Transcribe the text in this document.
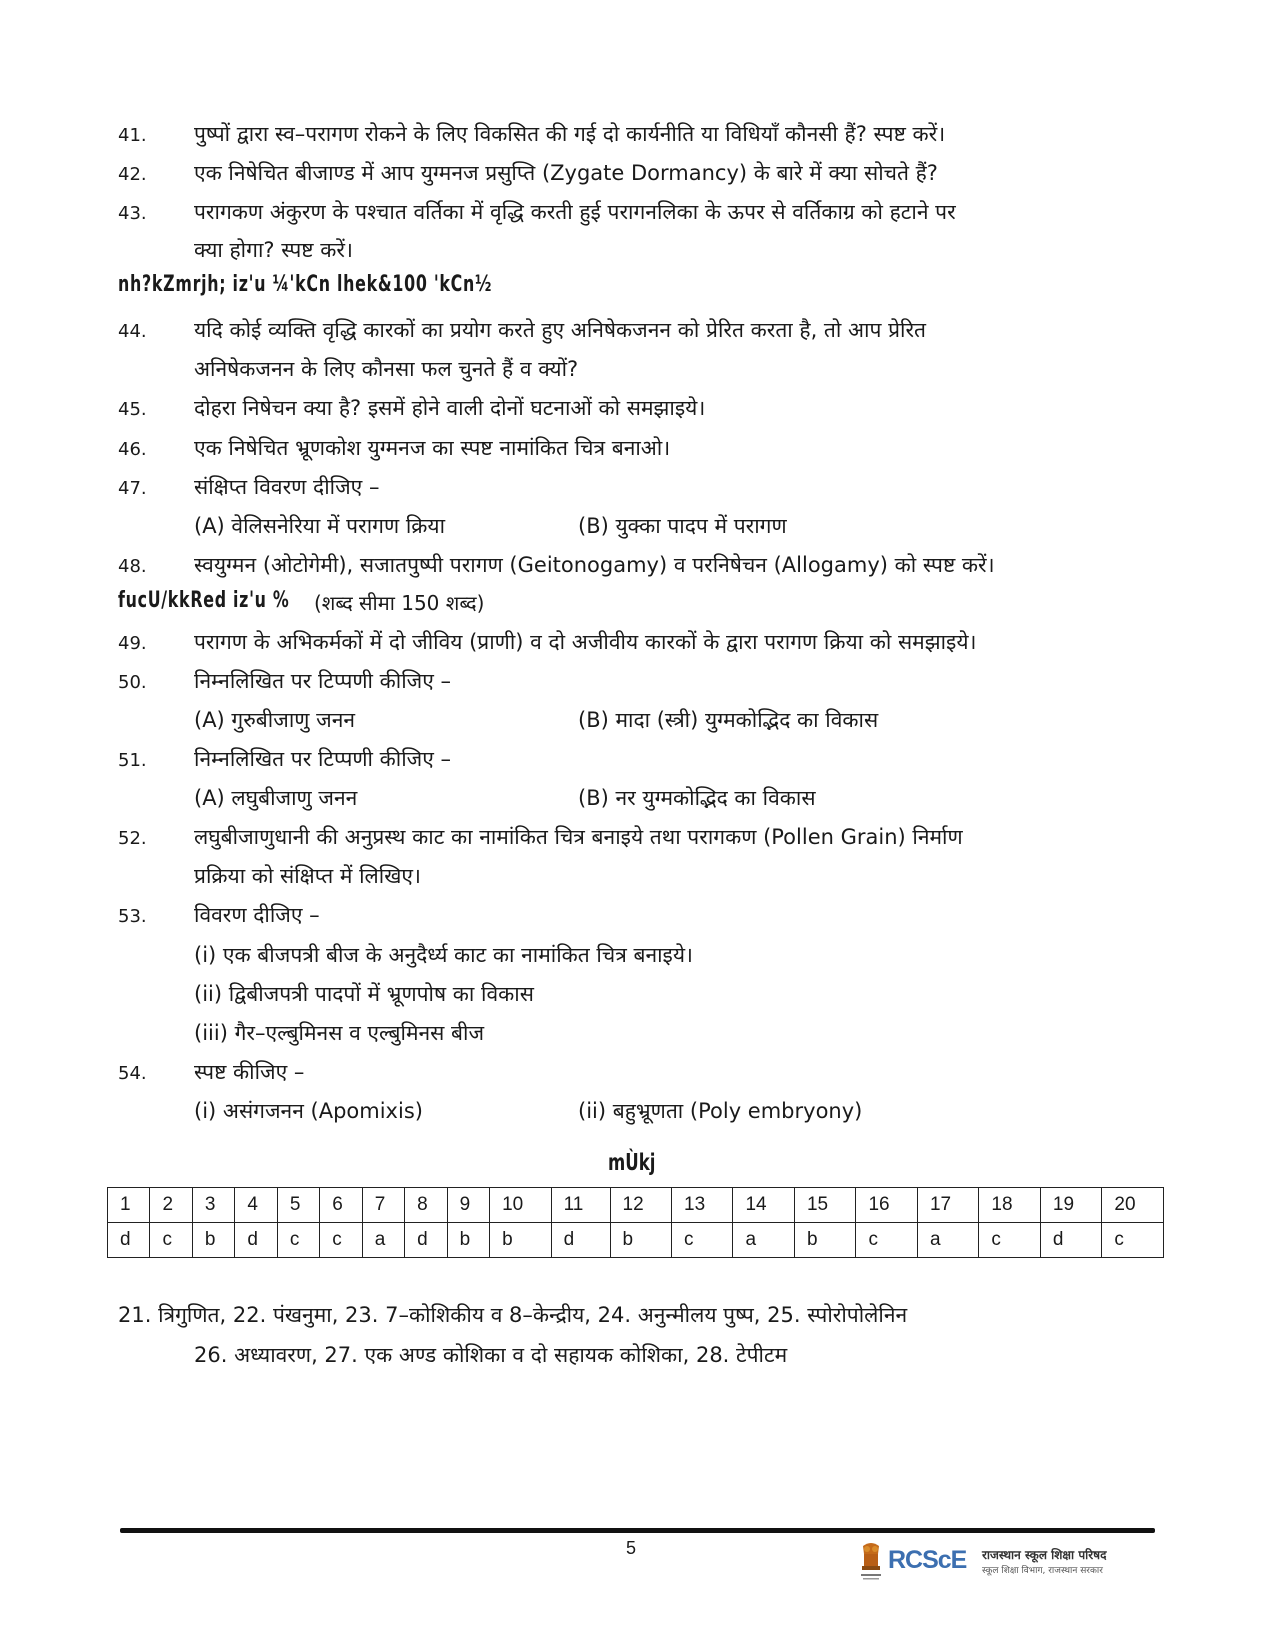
41. पुष्पों द्वारा स्व–परागण रोकने के लिए विकसित की गई दो कार्यनीति या विधियाँ कौनसी हैं? स्पष्ट करें।
42. एक निषेचित बीजाण्ड में आप युग्मनज प्रसुप्ति (Zygate Dormancy) के बारे में क्या सोचते हैं?
43. परागकण अंकुरण के पश्चात वर्तिका में वृद्धि करती हुई परागनलिका के ऊपर से वर्तिकाग्र को हटाने पर
क्या होगा? स्पष्ट करें।
nh?kZmrjh; iz'u ¼'kCn lhek&100 'kCn½
44. यदि कोई व्यक्ति वृद्धि कारकों का प्रयोग करते हुए अनिषेकजनन को प्रेरित करता है, तो आप प्रेरित
अनिषेकजनन के लिए कौनसा फल चुनते हैं व क्यों?
45. दोहरा निषेचन क्या है? इसमें होने वाली दोनों घटनाओं को समझाइये।
46. एक निषेचित भ्रूणकोश युग्मनज का स्पष्ट नामांकित चित्र बनाओ।
47. संक्षिप्त विवरण दीजिए –
(A) वेलिसनेरिया में परागण क्रिया	(B) युक्का पादप में परागण
48. स्वयुग्मन (ओटोगेमी), सजातपुष्पी परागण (Geitonogamy) व परनिषेचन (Allogamy) को स्पष्ट करें।
fucU/kkRed iz'u % (शब्द सीमा 150 शब्द)
49. परागण के अभिकर्मकों में दो जीविय (प्राणी) व दो अजीवीय कारकों के द्वारा परागण क्रिया को समझाइये।
50. निम्नलिखित पर टिप्पणी कीजिए –
(A) गुरुबीजाणु जनन	(B) मादा (स्त्री) युग्मकोद्भिद का विकास
51. निम्नलिखित पर टिप्पणी कीजिए –
(A) लघुबीजाणु जनन	(B) नर युग्मकोद्भिद का विकास
52. लघुबीजाणुधानी की अनुप्रस्थ काट का नामांकित चित्र बनाइये तथा परागकण (Pollen Grain) निर्माण
प्रक्रिया को संक्षिप्त में लिखिए।
53. विवरण दीजिए –
(i) एक बीजपत्री बीज के अनुदैर्ध्य काट का नामांकित चित्र बनाइये।
(ii) द्विबीजपत्री पादपों में भ्रूणपोष का विकास
(iii) गैर–एल्बुमिनस व एल्बुमिनस बीज
54. स्पष्ट कीजिए –
(i) असंगजनन (Apomixis)	(ii) बहुभ्रूणता (Poly embryony)
mÙkj
1	2	3	4	5	6	7	8	9	10	11	12	13	14	15	16	17	18	19	20
d	c	b	d	c	c	a	d	b	b	d	b	c	a	b	c	a	c	d	c
21. त्रिगुणित, 22. पंखनुमा, 23. 7–कोशिकीय व 8–केन्द्रीय, 24. अनुन्मीलय पुष्प, 25. स्पोरोपोलेनिन
26. अध्यावरण, 27. एक अण्ड कोशिका व दो सहायक कोशिका, 28. टेपीटम
5	RCScE राजस्थान स्कूल शिक्षा परिषद
स्कूल शिक्षा विभाग, राजस्थान सरकार
